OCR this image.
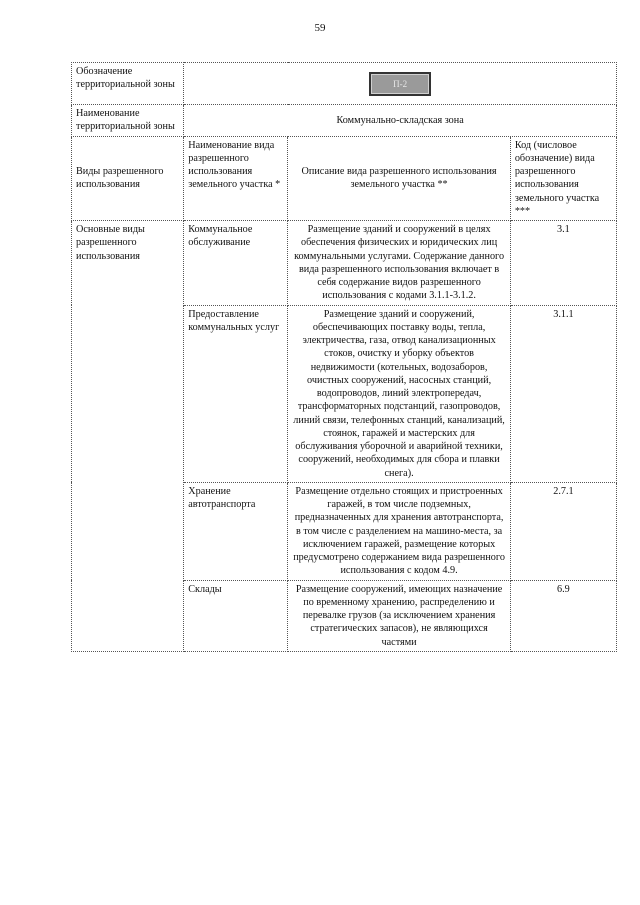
59
Обозначение территориальной зоны	П-2		
Наименование территориальной зоны	Коммунально-складская зона		
Виды разрешенного использования	Наименование вида разрешенного использования земельного участка *	Описание вида разрешенного использования земельного участка **	Код (числовое обозначение) вида разрешенного использования земельного участка ***
Основные виды разрешенного использования	Коммунальное обслуживание	Размещение зданий и сооружений в целях обеспечения физических и юридических лиц коммунальными услугами. Содержание данного вида разрешенного использования включает в себя содержание видов разрешенного использования с кодами 3.1.1-3.1.2.	3.1
	Предоставление коммунальных услуг	Размещение зданий и сооружений, обеспечивающих поставку воды, тепла, электричества, газа, отвод канализационных стоков, очистку и уборку объектов недвижимости (котельных, водозаборов, очистных сооружений, насосных станций, водопроводов, линий электропередач, трансформаторных подстанций, газопроводов, линий связи, телефонных станций, канализаций, стоянок, гаражей и мастерских для обслуживания уборочной и аварийной техники, сооружений, необходимых для сбора и плавки снега).	3.1.1
	Хранение автотранспорта	Размещение отдельно стоящих и пристроенных гаражей, в том числе подземных, предназначенных для хранения автотранспорта, в том числе с разделением на машино-места, за исключением гаражей, размещение которых предусмотрено содержанием вида разрешенного использования с кодом 4.9.	2.7.1
	Склады	Размещение сооружений, имеющих назначение по временному хранению, распределению и перевалке грузов (за исключением хранения стратегических запасов), не являющихся частями	6.9
